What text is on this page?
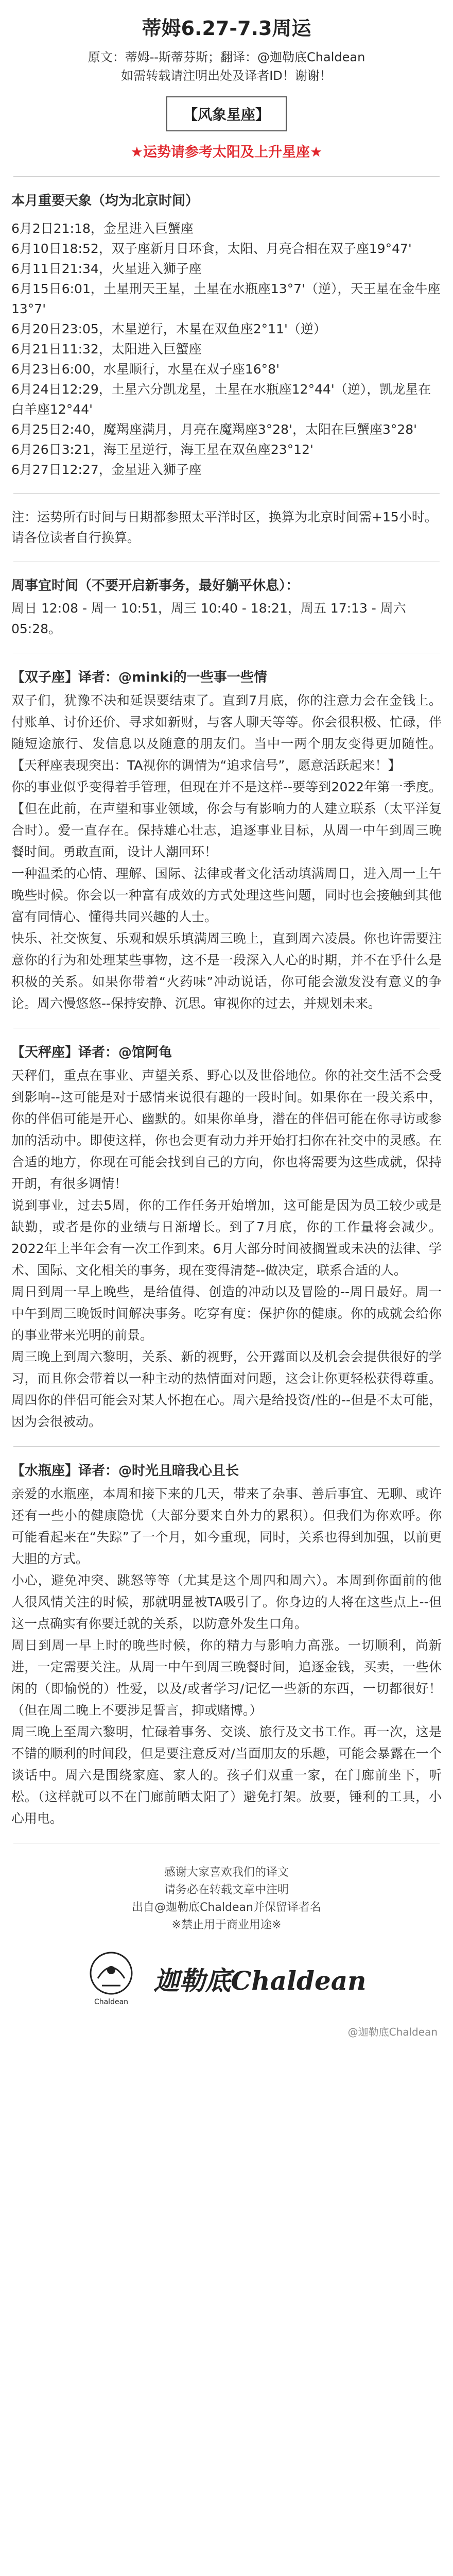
蒂姆6.27-7.3周运

原文：蒂姆--斯蒂芬斯；翻译：@迦勒底Chaldean

如需转载请注明出处及译者ID！谢谢！

【风象星座】
★运势请参考太阳及上升星座★
本月重要天象（均为北京时间）

6月2日21:18，金星进入巨蟹座

6月10日18:52，双子座新月日环食，太阳、月亮合相在双子座19°47'

6月11日21:34，火星进入狮子座

6月15日6:01，土星刑天王星，土星在水瓶座13°7'（逆），天王星在金牛座13°7'

6月20日23:05，木星逆行，木星在双鱼座2°11'（逆）

6月21日11:32，太阳进入巨蟹座

6月23日6:00，水星顺行，水星在双子座16°8'

6月24日12:29，土星六分凯龙星，土星在水瓶座12°44'（逆），凯龙星在白羊座12°44'

6月25日2:40，魔羯座满月，月亮在魔羯座3°28'，太阳在巨蟹座3°28'

6月26日3:21，海王星逆行，海王星在双鱼座23°12'

6月27日12:27，金星进入狮子座

注：运势所有时间与日期都参照太平洋时区，换算为北京时间需+15小时。请各位读者自行换算。

周事宜时间（不要开启新事务，最好躺平休息）：

周日 12:08 - 周一 10:51，周三 10:40 - 18:21，周五 17:13 - 周六 05:28。

【双子座】译者：@minki的一些事一些情

双子们，犹豫不决和延误要结束了。直到7月底，你的注意力会在金钱上。付账单、讨价还价、寻求如新财，与客人聊天等等。你会很积极、忙碌，伴随短途旅行、发信息以及随意的朋友们。当中一两个朋友变得更加随性。【天秤座表现突出：TA视你的调情为“追求信号”，愿意活跃起来！】

你的事业似乎变得着手管理，但现在并不是这样--要等到2022年第一季度。【但在此前，在声望和事业领域，你会与有影响力的人建立联系（太平洋复合时）。爱一直存在。保持雄心壮志，追逐事业目标，从周一中午到周三晚餐时间。勇敢直面，设计人潮回环！

一种温柔的心情、理解、国际、法律或者文化活动填满周日，进入周一上午晚些时候。你会以一种富有成效的方式处理这些问题，同时也会接触到其他富有同情心、懂得共同兴趣的人士。

快乐、社交恢复、乐观和娱乐填满周三晚上，直到周六凌晨。你也许需要注意你的行为和处理某些事物，这不是一段深入人心的时期，并不在乎什么是积极的关系。如果你带着“火药味”冲动说话，你可能会激发没有意义的争论。周六慢悠悠--保持安静、沉思。审视你的过去，并规划未来。

【天秤座】译者：@馆阿龟

天秤们，重点在事业、声望关系、野心以及世俗地位。你的社交生活不会受到影响--这可能是对于感情来说很有趣的一段时间。如果你在一段关系中，你的伴侣可能是开心、幽默的。如果你单身，潜在的伴侣可能在你寻访或参加的活动中。即使这样，你也会更有动力并开始打扫你在社交中的灵感。在合适的地方，你现在可能会找到自己的方向，你也将需要为这些成就，保持开朗，有很多调情！

说到事业，过去5周，你的工作任务开始增加，这可能是因为员工较少或是缺勤，或者是你的业绩与日渐增长。到了7月底，你的工作量将会减少。2022年上半年会有一次工作到来。6月大部分时间被搁置或未决的法律、学术、国际、文化相关的事务，现在变得清楚--做决定，联系合适的人。

周日到周一早上晚些，是给值得、创造的冲动以及冒险的--周日最好。周一中午到周三晚饭时间解决事务。吃穿有度：保护你的健康。你的成就会给你的事业带来光明的前景。

周三晚上到周六黎明，关系、新的视野，公开露面以及机会会提供很好的学习，而且你会带着以一种主动的热情面对问题，这会让你更轻松获得尊重。周四你的伴侣可能会对某人怀抱在心。周六是给投资/性的--但是不太可能，因为会很被动。

【水瓶座】译者：@时光且暗我心且长

亲爱的水瓶座，本周和接下来的几天，带来了杂事、善后事宜、无聊、或许还有一些小的健康隐忧（大部分要来自外力的累积）。但我们为你欢呼。你可能看起来在“失踪”了一个月，如今重现，同时，关系也得到加强，以前更大胆的方式。

小心，避免冲突、跳怒等等（尤其是这个周四和周六）。本周到你面前的他人很风情关注的时候，那就明显被TA吸引了。你身边的人将在这些点上--但这一点确实有你要迁就的关系，以防意外发生口角。

周日到周一早上时的晚些时候，你的精力与影响力高涨。一切顺利，尚新进，一定需要关注。从周一中午到周三晚餐时间，追逐金钱，买卖，一些休闲的（即愉悦的）性爱，以及/或者学习/记忆一些新的东西，一切都很好！（但在周二晚上不要涉足誓言，抑或赌博。）

周三晚上至周六黎明，忙碌着事务、交谈、旅行及文书工作。再一次，这是不错的顺利的时间段，但是要注意反对/当面朋友的乐趣，可能会暴露在一个谈话中。周六是围绕家庭、家人的。孩子们双重一家，在门廊前坐下，听松。（这样就可以不在门廊前晒太阳了）避免打架。放要，锤利的工具，小心用电。

感谢大家喜欢我们的译文

请务必在转载文章中注明

出自@迦勒底Chaldean并保留译者名

※禁止用于商业用途※

Chaldean
迦勒底Chaldean
@迦勒底Chaldean
